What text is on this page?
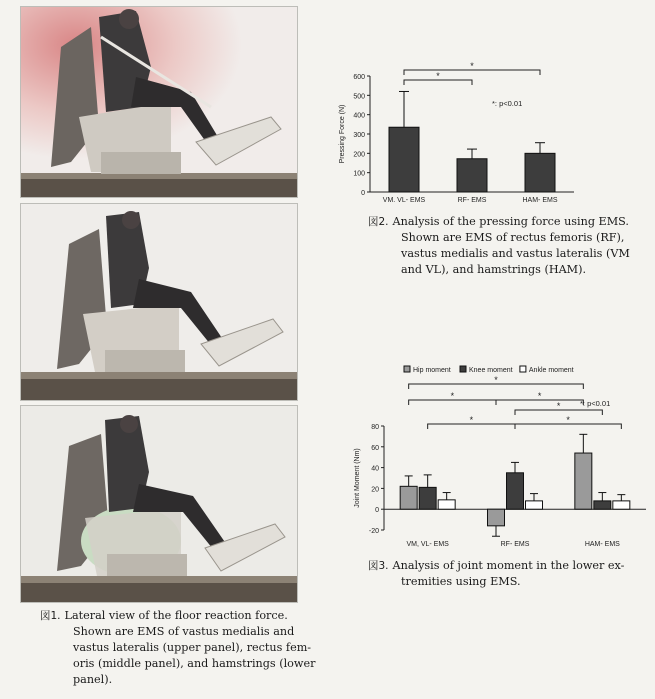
図1. Lateral view of the floor reaction force.
Shown are EMS of vastus medialis and
vastus lateralis (upper panel), rectus fem-
oris (middle panel), and hamstrings (lower
panel).
0
100
200
300
400
500
600
Pressing Force (N)
VM, VL- EMS	RF- EMS	HAM- EMS
*
*
*: p<0.01
図2. Analysis of the pressing force using EMS.
Shown are EMS of rectus femoris (RF),
vastus medialis and vastus lateralis (VM
and VL), and hamstrings (HAM).
Hip moment	Knee moment Ankle moment
-20
0
20
40
60
80
Joint Moment (Nm)
VM, VL- EMS	RF- EMS	HAM- EMS
*
*	*
*
*	*
*: p<0.01
図3. Analysis of joint moment in the lower ex-
tremities using EMS.
